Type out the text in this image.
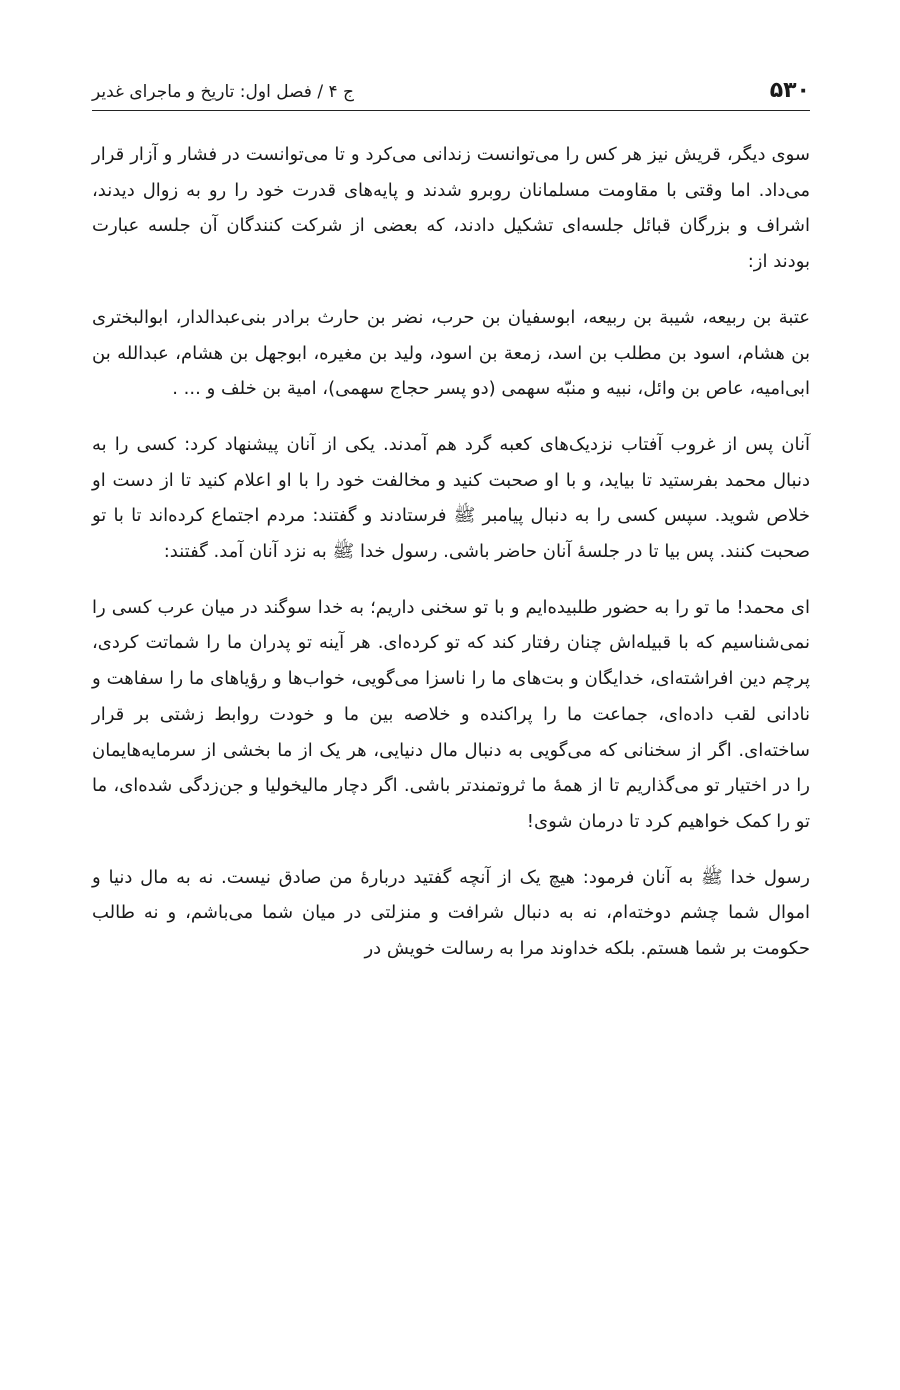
۵۳۰
ج ۴ / فصل اول: تاریخ و ماجرای غدیر

سوی دیگر، قریش نیز هر کس را می‌توانست زندانی می‌کرد و تا می‌توانست در فشار و آزار قرار می‌داد. اما وقتی با مقاومت مسلمانان روبرو شدند و پایه‌های قدرت خود را رو به زوال دیدند، اشراف و بزرگان قبائل جلسه‌ای تشکیل دادند، که بعضی از شرکت کنندگان آن جلسه عبارت بودند از:

عتبة بن ربیعه، شیبة بن ربیعه، ابوسفیان بن حرب، نضر بن حارث برادر بنی‌عبدالدار، ابوالبختری بن هشام، اسود بن مطلب بن اسد، زمعة بن اسود، ولید بن مغیره، ابوجهل بن هشام، عبدالله بن ابی‌امیه، عاص بن وائل، نبیه و منبّه سهمی (دو پسر حجاج سهمی)، امیة بن خلف و ... .

آنان پس از غروب آفتاب نزدیک‌های کعبه گرد هم آمدند. یکی از آنان پیشنهاد کرد: کسی را به دنبال محمد بفرستید تا بیاید، و با او صحبت کنید و مخالفت خود را با او اعلام کنید تا از دست او خلاص شوید. سپس کسی را به دنبال پیامبر ﷺ فرستادند و گفتند: مردم اجتماع کرده‌اند تا با تو صحبت کنند. پس بیا تا در جلسهٔ آنان حاضر باشی. رسول خدا ﷺ به نزد آنان آمد. گفتند:

ای محمد! ما تو را به حضور طلبیده‌ایم و با تو سخنی داریم؛ به خدا سوگند در میان عرب کسی را نمی‌شناسیم که با قبیله‌اش چنان رفتار کند که تو کرده‌ای. هر آینه تو پدران ما را شماتت کردی، پرچم دین افراشته‌ای، خدایگان و بت‌های ما را ناسزا می‌گویی، خواب‌ها و رؤیاهای ما را سفاهت و نادانی لقب داده‌ای، جماعت ما را پراکنده و خلاصه بین ما و خودت روابط زشتی بر قرار ساخته‌ای. اگر از سخنانی که می‌گویی به دنبال مال دنیایی، هر یک از ما بخشی از سرمایه‌هایمان را در اختیار تو می‌گذاریم تا از همهٔ ما ثروتمندتر باشی. اگر دچار مالیخولیا و جن‌زدگی شده‌ای، ما تو را کمک خواهیم کرد تا درمان شوی!

رسول خدا ﷺ به آنان فرمود: هیچ یک از آنچه گفتید دربارهٔ من صادق نیست. نه به مال دنیا و اموال شما چشم دوخته‌ام، نه به دنبال شرافت و منزلتی در میان شما می‌باشم، و نه طالب حکومت بر شما هستم. بلکه خداوند مرا به رسالت خویش در
